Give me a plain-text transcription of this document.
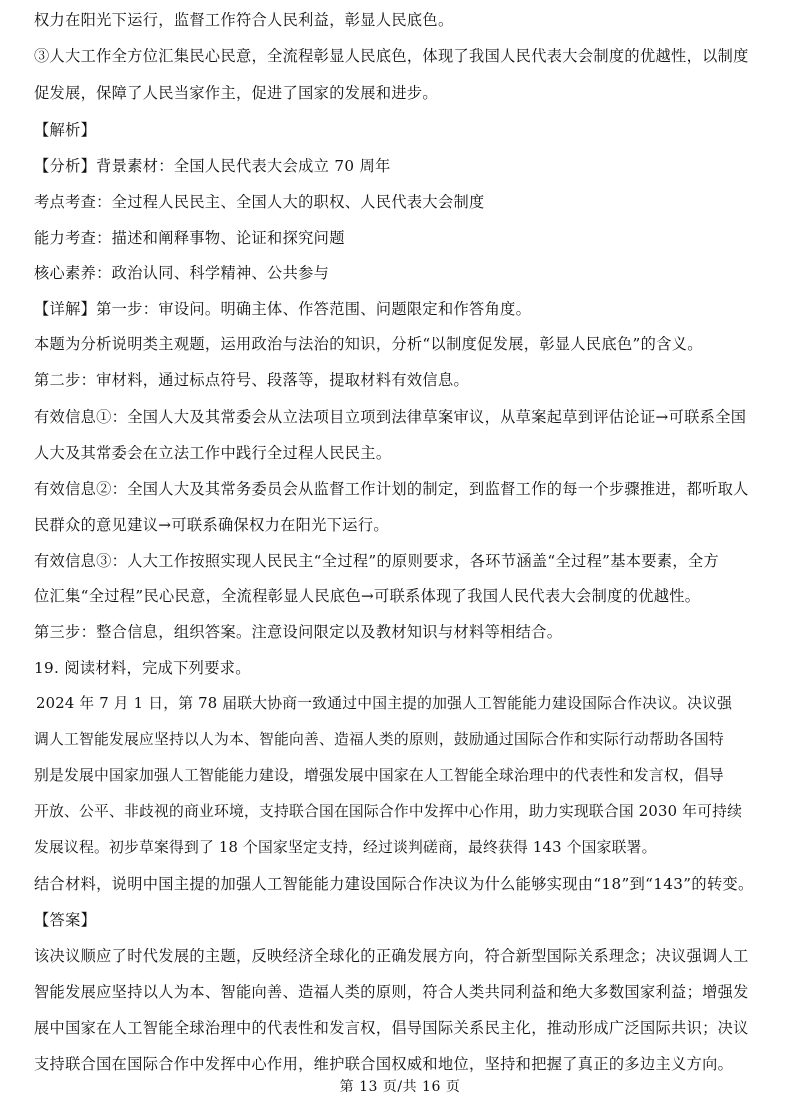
权力在阳光下运行，监督工作符合人民利益，彰显人民底色。
③人大工作全方位汇集民心民意，全流程彰显人民底色，体现了我国人民代表大会制度的优越性，以制度
促发展，保障了人民当家作主，促进了国家的发展和进步。
【解析】
【分析】背景素材：全国人民代表大会成立 70 周年
考点考查：全过程人民民主、全国人大的职权、人民代表大会制度
能力考查：描述和阐释事物、论证和探究问题
核心素养：政治认同、科学精神、公共参与
【详解】第一步：审设问。明确主体、作答范围、问题限定和作答角度。
本题为分析说明类主观题，运用政治与法治的知识，分析“以制度促发展，彰显人民底色”的含义。
第二步：审材料，通过标点符号、段落等，提取材料有效信息。
有效信息①：全国人大及其常委会从立法项目立项到法律草案审议，从草案起草到评估论证→可联系全国
人大及其常委会在立法工作中践行全过程人民民主。
有效信息②：全国人大及其常务委员会从监督工作计划的制定，到监督工作的每一个步骤推进，都听取人
民群众的意见建议→可联系确保权力在阳光下运行。
有效信息③：人大工作按照实现人民民主“全过程”的原则要求，各环节涵盖“全过程”基本要素，全方
位汇集“全过程”民心民意，全流程彰显人民底色→可联系体现了我国人民代表大会制度的优越性。
第三步：整合信息，组织答案。注意设问限定以及教材知识与材料等相结合。
19. 阅读材料，完成下列要求。
2024 年 7 月 1 日，第 78 届联大协商一致通过中国主提的加强人工智能能力建设国际合作决议。决议强
调人工智能发展应坚持以人为本、智能向善、造福人类的原则，鼓励通过国际合作和实际行动帮助各国特
别是发展中国家加强人工智能能力建设，增强发展中国家在人工智能全球治理中的代表性和发言权，倡导
开放、公平、非歧视的商业环境，支持联合国在国际合作中发挥中心作用，助力实现联合国 2030 年可持续
发展议程。初步草案得到了 18 个国家坚定支持，经过谈判磋商，最终获得 143 个国家联署。
结合材料，说明中国主提的加强人工智能能力建设国际合作决议为什么能够实现由“18”到“143”的转变。
【答案】
该决议顺应了时代发展的主题，反映经济全球化的正确发展方向，符合新型国际关系理念；决议强调人工
智能发展应坚持以人为本、智能向善、造福人类的原则，符合人类共同利益和绝大多数国家利益；增强发
展中国家在人工智能全球治理中的代表性和发言权，倡导国际关系民主化，推动形成广泛国际共识；决议
支持联合国在国际合作中发挥中心作用，维护联合国权威和地位，坚持和把握了真正的多边主义方向。
第 13 页/共 16 页
